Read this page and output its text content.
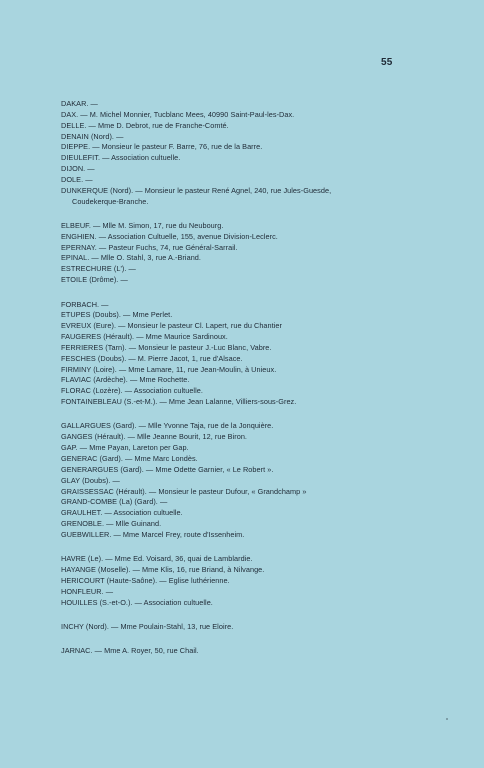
55
DAKAR. —
DAX. — M. Michel Monnier, Tucblanc Mees, 40990 Saint-Paul-les-Dax.
DELLE. — Mme D. Debrot, rue de Franche-Comté.
DENAIN (Nord). —
DIEPPE. — Monsieur le pasteur F. Barre, 76, rue de la Barre.
DIEULEFIT. — Association cultuelle.
DIJON. —
DOLE. —
DUNKERQUE (Nord). — Monsieur le pasteur René Agnel, 240, rue Jules-Guesde,
Coudekerque-Branche.
ELBEUF. — Mlle M. Simon, 17, rue du Neubourg.
ENGHIEN. — Association Cultuelle, 155, avenue Division-Leclerc.
EPERNAY. — Pasteur Fuchs, 74, rue Général-Sarrail.
EPINAL. — Mlle O. Stahl, 3, rue A.-Briand.
ESTRECHURE (L'). —
ETOILE (Drôme). —
FORBACH. —
ETUPES (Doubs). — Mme Perlet.
EVREUX (Eure). — Monsieur le pasteur Cl. Lapert, rue du Chantier
FAUGERES (Hérault). — Mme Maurice Sardinoux.
FERRIERES (Tarn). — Monsieur le pasteur J.-Luc Blanc, Vabre.
FESCHES (Doubs). — M. Pierre Jacot, 1, rue d'Alsace.
FIRMINY (Loire). — Mme Lamare, 11, rue Jean-Moulin, à Unieux.
FLAVIAC (Ardèche). — Mme Rochette.
FLORAC (Lozère). — Association cultuelle.
FONTAINEBLEAU (S.-et-M.). — Mme Jean Lalanne, Villiers-sous-Grez.
GALLARGUES (Gard). — Mlle Yvonne Taja, rue de la Jonquière.
GANGES (Hérault). — Mlle Jeanne Bourit, 12, rue Biron.
GAP. — Mme Payan, Lareton per Gap.
GENERAC (Gard). — Mme Marc Londès.
GENERARGUES (Gard). — Mme Odette Garnier, « Le Robert ».
GLAY (Doubs). —
GRAISSESSAC (Hérault). — Monsieur le pasteur Dufour, « Grandchamp »
GRAND-COMBE (La) (Gard). —
GRAULHET. — Association cultuelle.
GRENOBLE. — Mlle Guinand.
GUEBWILLER. — Mme Marcel Frey, route d'Issenheim.
HAVRE (Le). — Mme Ed. Voisard, 36, quai de Lamblardie.
HAYANGE (Moselle). — Mme Klis, 16, rue Briand, à Nilvange.
HERICOURT (Haute-Saône). — Eglise luthérienne.
HONFLEUR. —
HOUILLES (S.-et-O.). — Association cultuelle.
INCHY (Nord). — Mme Poulain-Stahl, 13, rue Eloire.
JARNAC. — Mme A. Royer, 50, rue Chail.
